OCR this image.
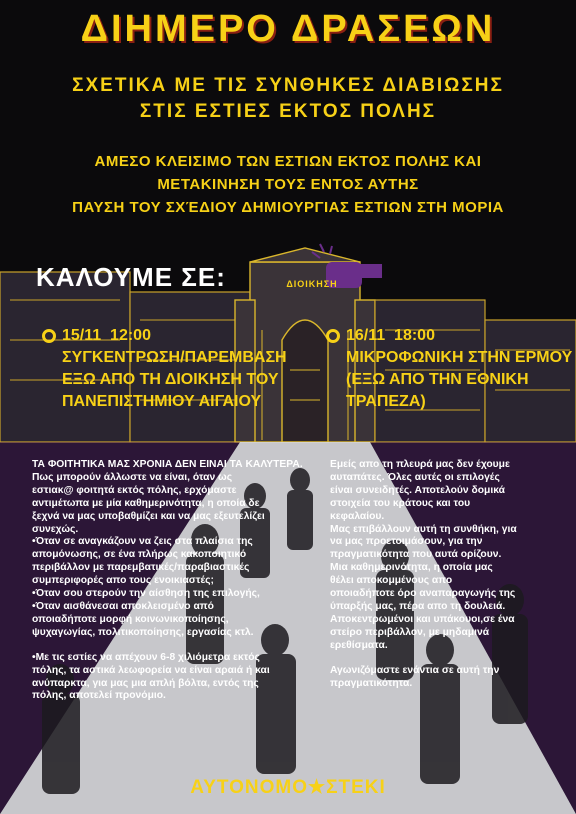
ΔΙΗΜΕΡΟ ΔΡΑΣΕΩΝ
ΣΧΕΤΙΚΑ ΜΕ ΤΙΣ ΣΥΝΘΗΚΕΣ ΔΙΑΒΙΩΣΗΣ
ΣΤΙΣ ΕΣΤΙΕΣ ΕΚΤΟΣ ΠΟΛΗΣ
ΑΜΕΣΟ ΚΛΕΙΣΙΜΟ ΤΩΝ ΕΣΤΙΩΝ ΕΚΤΟΣ ΠΟΛΗΣ ΚΑΙ
ΜΕΤΑΚΙΝΗΣΗ ΤΟΥΣ ΕΝΤΟΣ ΑΥΤΗΣ
ΠΑΥΣΗ ΤΟΥ ΣΧΈΔΙΟΥ ΔΗΜΙΟΥΡΓΙΑΣ ΕΣΤΙΩΝ ΣΤΗ ΜΟΡΙΑ
ΚΑΛΟΥΜΕ ΣΕ:	ΔΙΟΙΚΗΣΗ
15/11  12:00
ΣΥΓΚΕΝΤΡΩΣΗ/ΠΑΡΕΜΒΑΣΗ
ΕΞΩ ΑΠΟ ΤΗ ΔΙΟΙΚΗΣΗ ΤΟΥ
ΠΑΝΕΠΙΣΤΗΜΙΟΥ ΑΙΓΑΙΟΥ
16/11  18:00
ΜΙΚΡΟΦΩΝΙΚΗ ΣΤΗΝ ΕΡΜΟΥ
(ΕΞΩ ΑΠΟ ΤΗΝ ΕΘΝΙΚΗ
ΤΡΑΠΕΖΑ)

ΤΑ ΦΟΙΤΗΤΙΚΑ ΜΑΣ ΧΡΟΝΙΑ ΔΕΝ ΕΙΝΑΙ ΤΑ ΚΑΛΥΤΕΡΑ.

Πως μπορούν άλλωστε να είναι, όταν ως

εστιακ@ φοιτητά εκτός πόλης, ερχόμαστε

αντιμέτωπα με μία καθημερινότητα, η οποία δε

ξεχνά να μας υποβαθμίζει και να μας εξευτελίζει

συνεχώς.

•Όταν σε αναγκάζουν να ζεις στα πλαίσια της

απομόνωσης, σε ένα πλήρως κακοποιητικό

περιβάλλον με παρεμβατικές/παραβιαστικές

συμπεριφορές απο τους ενοικιαστές;

•Όταν σου στερούν την αίσθηση της επιλογής,

•Όταν αισθάνεσαι αποκλεισμένο από

οποιαδήποτε μορφή κοινωνικοποίησης,

ψυχαγωγίας, πολιτικοποίησης, εργασίας κτλ.

•Με τις εστίες να απέχουν 6-8 χιλιόμετρα εκτός

πόλης, τα αστικά λεωφορεία να είναι αραιά ή και

ανύπαρκτα, για μας μια απλή βόλτα, εντός της

πόλης, αποτελεί προνόμιο.

Εμείς απο τη πλευρά μας δεν έχουμε

αυταπάτες. Όλες αυτές οι επιλογές

είναι συνειδητές. Αποτελούν δομικά

στοιχεία του κράτους και του

κεφαλαίου.

Μας επιβάλλουν αυτή τη συνθήκη, για

να μας προετοιμάσουν, για την

πραγματικότητα που αυτά ορίζουν.

Μια καθημερινότητα, η οποία μας

θέλει αποκομμένους απο

οποιαδήποτε όρο αναπαραγωγής της

ύπαρξής μας, πέρα απο τη δουλειά.

Αποκεντρωμένοι και υπάκουοι,σε ένα

στείρο περιβάλλον, με μηδαμινά

ερεθίσματα.

Αγωνιζόμαστε ενάντια σε αυτή την

πραγματικότητα.

ΑΥΤΟΝΟΜΟ★ΣΤΕΚΙ
